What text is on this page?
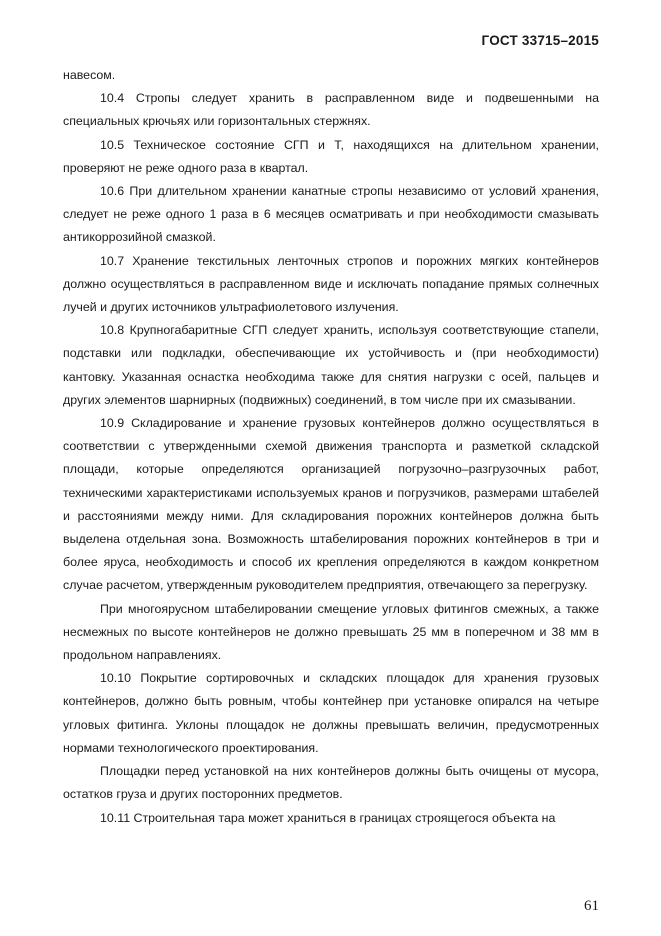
ГОСТ 33715–2015

навесом.

10.4 Стропы следует хранить в расправленном виде и подвешенными на специальных крючьях или горизонтальных стержнях.

10.5 Техническое состояние СГП и Т, находящихся на длительном хранении, проверяют не реже одного раза в квартал.

10.6 При длительном хранении канатные стропы независимо от условий хранения, следует не реже одного 1 раза в 6 месяцев осматривать и при необходимости смазывать антикоррозийной смазкой.

10.7 Хранение текстильных ленточных стропов и порожних мягких контейнеров должно осуществляться в расправленном виде и исключать попадание прямых солнечных лучей и других источников ультрафиолетового излучения.

10.8 Крупногабаритные СГП следует хранить, используя соответствующие стапели, подставки или подкладки, обеспечивающие их устойчивость и (при необходимости) кантовку. Указанная оснастка необходима также для снятия нагрузки с осей, пальцев и других элементов шарнирных (подвижных) соединений, в том числе при их смазывании.

10.9 Складирование и хранение грузовых контейнеров должно осуществляться в соответствии с утвержденными схемой движения транспорта и разметкой складской площади, которые определяются организацией погрузочно–разгрузочных работ, техническими характеристиками используемых кранов и погрузчиков, размерами штабелей и расстояниями между ними. Для складирования порожних контейнеров должна быть выделена отдельная зона. Возможность штабелирования порожних контейнеров в три и более яруса, необходимость и способ их крепления определяются в каждом конкретном случае расчетом, утвержденным руководителем предприятия, отвечающего за перегрузку.

При многоярусном штабелировании смещение угловых фитингов смежных, а также несмежных по высоте контейнеров не должно превышать 25 мм в поперечном и 38 мм в продольном направлениях.

10.10 Покрытие сортировочных и складских площадок для хранения грузовых контейнеров, должно быть ровным, чтобы контейнер при установке опирался на четыре угловых фитинга. Уклоны площадок не должны превышать величин, предусмотренных нормами технологического проектирования.

Площадки перед установкой на них контейнеров должны быть очищены от мусора, остатков груза и других посторонних предметов.

10.11 Строительная тара может храниться в границах строящегося объекта на

61
